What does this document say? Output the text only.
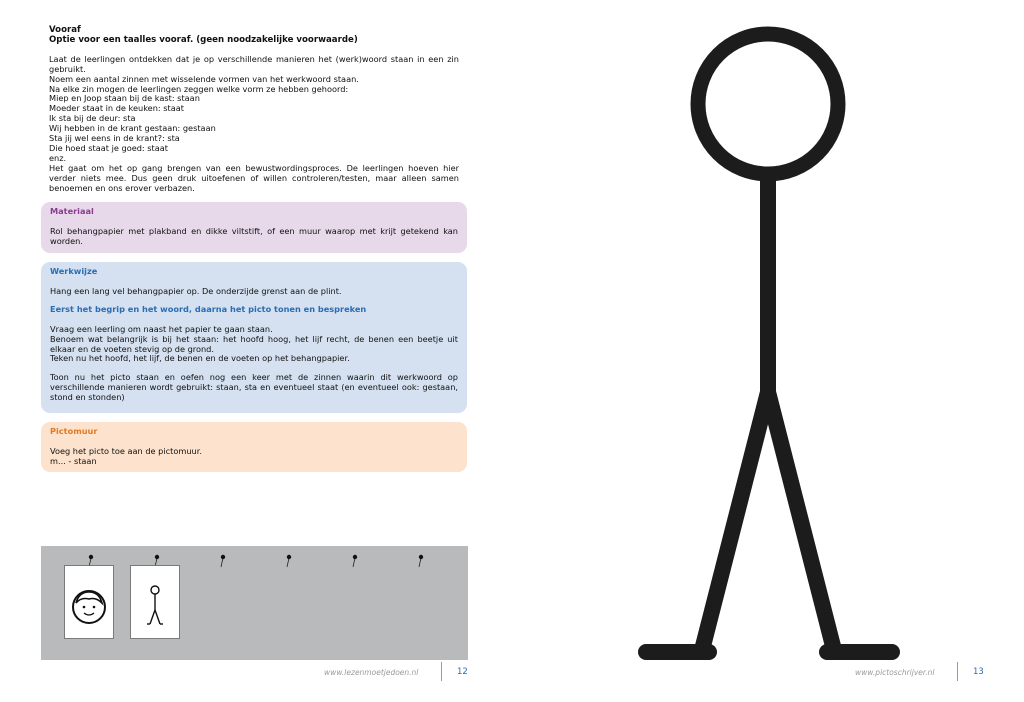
Vooraf

Optie voor een taalles vooraf. (geen noodzakelijke voorwaarde)

Laat de leerlingen ontdekken dat je op verschillende manieren het (werk)woord staan in een zin gebruikt.

Noem een aantal zinnen met wisselende vormen van het werkwoord staan.

Na elke zin mogen de leerlingen zeggen welke vorm ze hebben gehoord:

Miep en Joop staan bij de kast: staan

Moeder staat in de keuken: staat

Ik sta bij de deur: sta

Wij hebben in de krant gestaan: gestaan

Sta jij wel eens in de krant?: sta

Die hoed staat je goed: staat

enz.

Het gaat om het op gang brengen van een bewustwordingsproces. De leerlingen hoeven hier verder niets mee. Dus geen druk uitoefenen of willen controleren/testen, maar alleen samen benoemen en ons erover verbazen.

Materiaal

Rol behangpapier met plakband en dikke viltstift, of een muur waarop met krijt getekend kan worden.

Werkwijze

Hang een lang vel behangpapier op. De onderzijde grenst aan de plint.

Eerst het begrip en het woord, daarna het picto tonen en bespreken

Vraag een leerling om naast het papier te gaan staan.

Benoem wat belangrijk is bij het staan: het hoofd hoog, het lijf recht, de benen een beetje uit elkaar en de voeten stevig op de grond.

Teken nu het hoofd, het lijf, de benen en de voeten op het behangpapier.

Toon nu het picto staan en oefen nog een keer met de zinnen waarin dit werkwoord op verschillende manieren wordt gebruikt: staan, sta en eventueel staat (en eventueel ook: gestaan, stond en stonden)

Pictomuur

Voeg het picto toe aan de pictomuur.

m... - staan

www.lezenmoetjedoen.nl	12	www.pictoschrijver.nl	13
